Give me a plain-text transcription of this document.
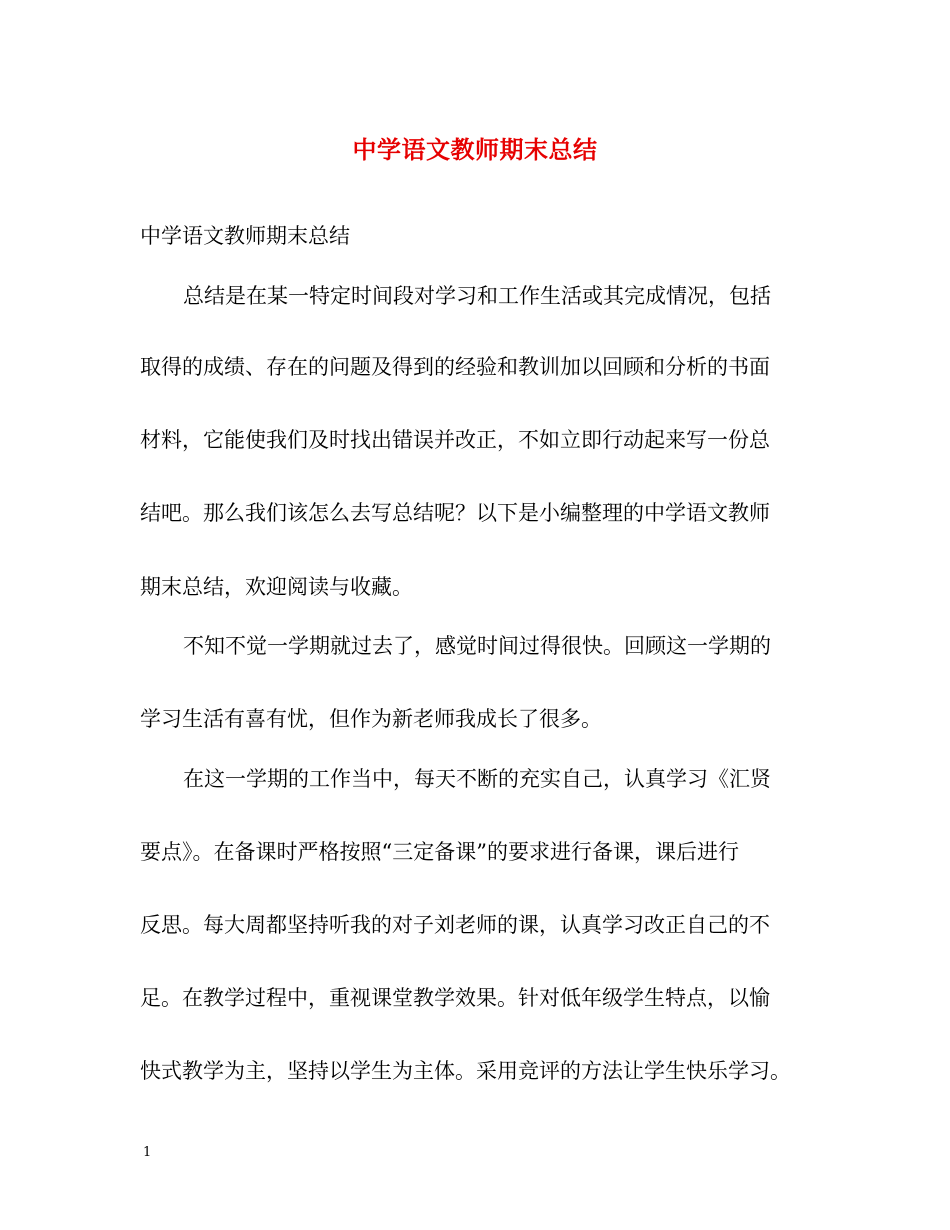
中学语文教师期末总结
中学语文教师期末总结
总结是在某一特定时间段对学习和工作生活或其完成情况，包括
取得的成绩、存在的问题及得到的经验和教训加以回顾和分析的书面
材料，它能使我们及时找出错误并改正，不如立即行动起来写一份总
结吧。那么我们该怎么去写总结呢？以下是小编整理的中学语文教师
期末总结，欢迎阅读与收藏。
不知不觉一学期就过去了，感觉时间过得很快。回顾这一学期的
学习生活有喜有忧，但作为新老师我成长了很多。
在这一学期的工作当中，每天不断的充实自己，认真学习《汇贤
要点》。在备课时严格按照“三定备课”的要求进行备课，课后进行
反思。每大周都坚持听我的对子刘老师的课，认真学习改正自己的不
足。在教学过程中，重视课堂教学效果。针对低年级学生特点，以愉
快式教学为主，坚持以学生为主体。采用竞评的方法让学生快乐学习。
1
